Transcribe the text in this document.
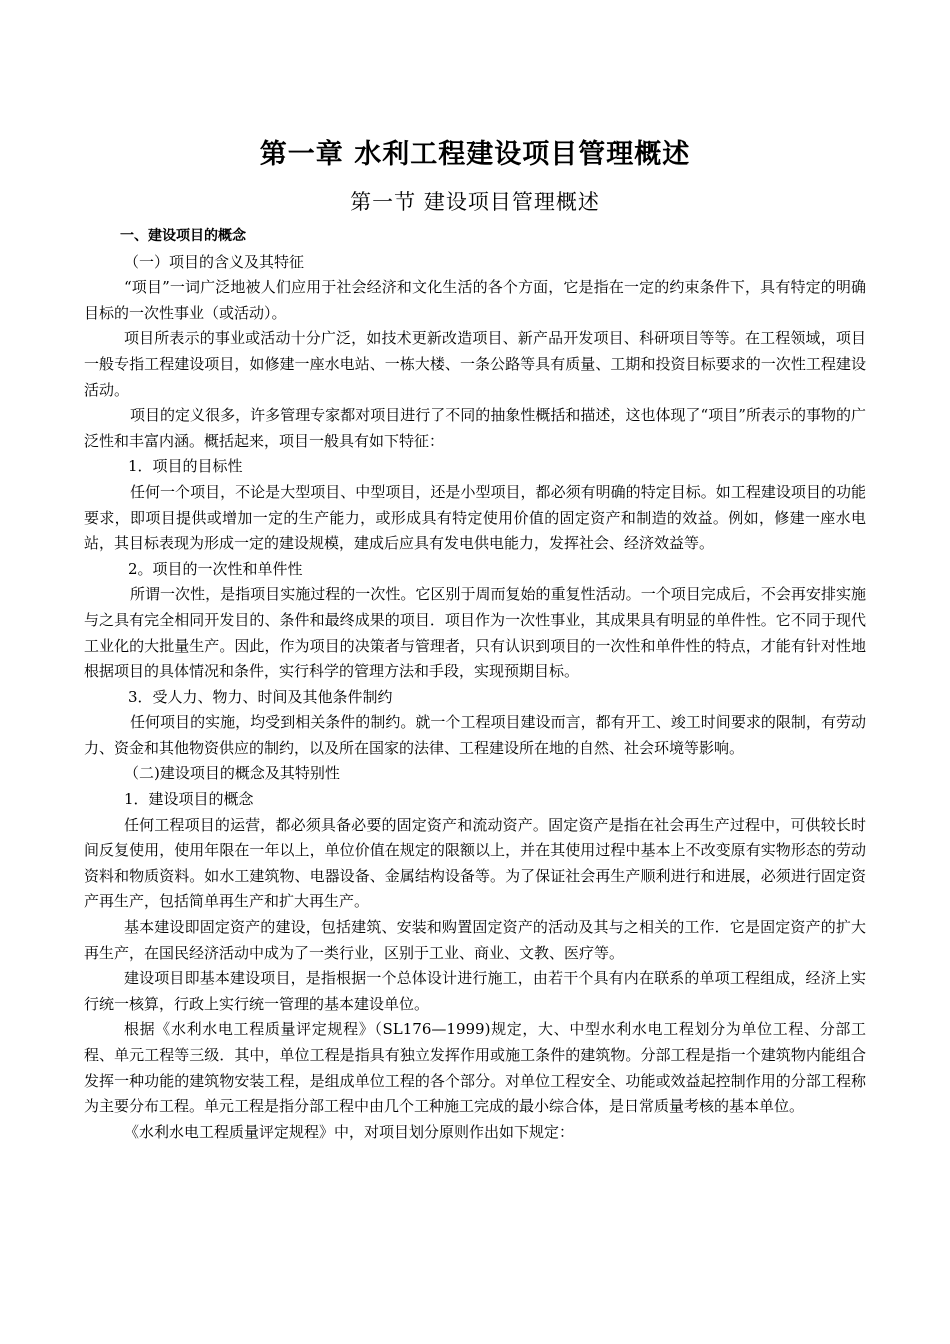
第一章 水利工程建设项目管理概述
第一节 建设项目管理概述

一、建设项目的概念

（一）项目的含义及其特征

“项目”一词广泛地被人们应用于社会经济和文化生活的各个方面，它是指在一定的约束条件下，具有特定的明确目标的一次性事业（或活动）。

项目所表示的事业或活动十分广泛，如技术更新改造项目、新产品开发项目、科研项目等等。在工程领域，项目一般专指工程建设项目，如修建一座水电站、一栋大楼、一条公路等具有质量、工期和投资目标要求的一次性工程建设活动。

项目的定义很多，许多管理专家都对项目进行了不同的抽象性概括和描述，这也体现了“项目”所表示的事物的广泛性和丰富内涵。概括起来，项目一般具有如下特征：

1．项目的目标性

任何一个项目，不论是大型项目、中型项目，还是小型项目，都必须有明确的特定目标。如工程建设项目的功能要求，即项目提供或增加一定的生产能力，或形成具有特定使用价值的固定资产和制造的效益。例如，修建一座水电站，其目标表现为形成一定的建设规模，建成后应具有发电供电能力，发挥社会、经济效益等。

2。项目的一次性和单件性

所谓一次性，是指项目实施过程的一次性。它区别于周而复始的重复性活动。一个项目完成后，不会再安排实施与之具有完全相同开发目的、条件和最终成果的项目．项目作为一次性事业，其成果具有明显的单件性。它不同于现代工业化的大批量生产。因此，作为项目的决策者与管理者，只有认识到项目的一次性和单件性的特点，才能有针对性地根据项目的具体情况和条件，实行科学的管理方法和手段，实现预期目标。

3．受人力、物力、时间及其他条件制约

任何项目的实施，均受到相关条件的制约。就一个工程项目建设而言，都有开工、竣工时间要求的限制，有劳动力、资金和其他物资供应的制约，以及所在国家的法律、工程建设所在地的自然、社会环境等影响。

（二)建设项目的概念及其特别性

1．建设项目的概念

任何工程项目的运营，都必须具备必要的固定资产和流动资产。固定资产是指在社会再生产过程中，可供较长时间反复使用，使用年限在一年以上，单位价值在规定的限额以上，并在其使用过程中基本上不改变原有实物形态的劳动资料和物质资料。如水工建筑物、电器设备、金属结构设备等。为了保证社会再生产顺利进行和进展，必须进行固定资产再生产，包括简单再生产和扩大再生产。

基本建设即固定资产的建设，包括建筑、安装和购置固定资产的活动及其与之相关的工作．它是固定资产的扩大再生产，在国民经济活动中成为了一类行业，区别于工业、商业、文教、医疗等。

建设项目即基本建设项目，是指根据一个总体设计进行施工，由若干个具有内在联系的单项工程组成，经济上实行统一核算，行政上实行统一管理的基本建设单位。

根据《水利水电工程质量评定规程》（SL176—1999)规定，大、中型水利水电工程划分为单位工程、分部工程、单元工程等三级．其中，单位工程是指具有独立发挥作用或施工条件的建筑物。分部工程是指一个建筑物内能组合发挥一种功能的建筑物安装工程，是组成单位工程的各个部分。对单位工程安全、功能或效益起控制作用的分部工程称为主要分布工程。单元工程是指分部工程中由几个工种施工完成的最小综合体，是日常质量考核的基本单位。

《水利水电工程质量评定规程》中，对项目划分原则作出如下规定：
